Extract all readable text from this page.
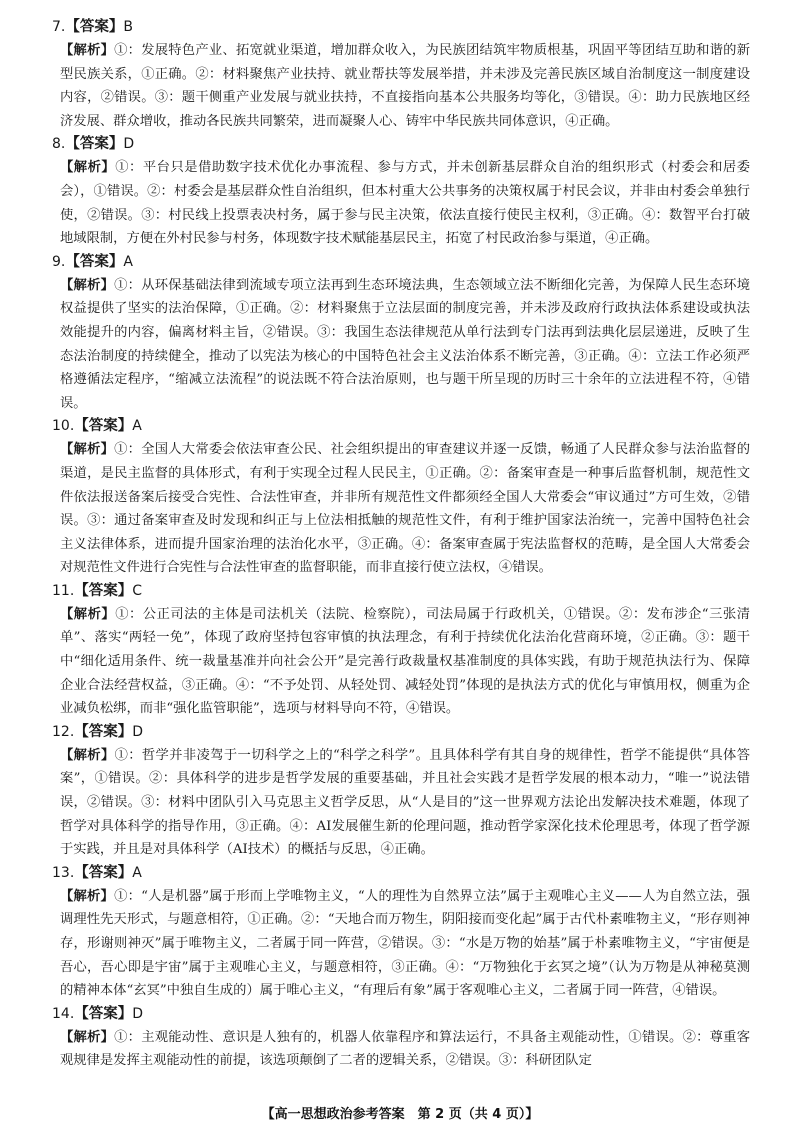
7.【答案】B

【解析】①：发展特色产业、拓宽就业渠道，增加群众收入，为民族团结筑牢物质根基，巩固平等团结互助和谐的新型民族关系，①正确。②：材料聚焦产业扶持、就业帮扶等发展举措，并未涉及完善民族区域自治制度这一制度建设内容，②错误。③：题干侧重产业发展与就业扶持，不直接指向基本公共服务均等化，③错误。④：助力民族地区经济发展、群众增收，推动各民族共同繁荣，进而凝聚人心、铸牢中华民族共同体意识，④正确。

8.【答案】D

【解析】①：平台只是借助数字技术优化办事流程、参与方式，并未创新基层群众自治的组织形式（村委会和居委会），①错误。②：村委会是基层群众性自治组织，但本村重大公共事务的决策权属于村民会议，并非由村委会单独行使，②错误。③：村民线上投票表决村务，属于参与民主决策，依法直接行使民主权利，③正确。④：数智平台打破地域限制，方便在外村民参与村务，体现数字技术赋能基层民主，拓宽了村民政治参与渠道，④正确。

9.【答案】A

【解析】①：从环保基础法律到流域专项立法再到生态环境法典，生态领域立法不断细化完善，为保障人民生态环境权益提供了坚实的法治保障，①正确。②：材料聚焦于立法层面的制度完善，并未涉及政府行政执法体系建设或执法效能提升的内容，偏离材料主旨，②错误。③：我国生态法律规范从单行法到专门法再到法典化层层递进，反映了生态法治制度的持续健全，推动了以宪法为核心的中国特色社会主义法治体系不断完善，③正确。④：立法工作必须严格遵循法定程序，“缩减立法流程”的说法既不符合法治原则，也与题干所呈现的历时三十余年的立法进程不符，④错误。

10.【答案】A

【解析】①：全国人大常委会依法审查公民、社会组织提出的审查建议并逐一反馈，畅通了人民群众参与法治监督的渠道，是民主监督的具体形式，有利于实现全过程人民民主，①正确。②：备案审查是一种事后监督机制，规范性文件依法报送备案后接受合宪性、合法性审查，并非所有规范性文件都须经全国人大常委会“审议通过”方可生效，②错误。③：通过备案审查及时发现和纠正与上位法相抵触的规范性文件，有利于维护国家法治统一，完善中国特色社会主义法律体系，进而提升国家治理的法治化水平，③正确。④：备案审查属于宪法监督权的范畴，是全国人大常委会对规范性文件进行合宪性与合法性审查的监督职能，而非直接行使立法权，④错误。

11.【答案】C

【解析】①：公正司法的主体是司法机关（法院、检察院），司法局属于行政机关，①错误。②：发布涉企“三张清单”、落实“两轻一免”，体现了政府坚持包容审慎的执法理念，有利于持续优化法治化营商环境，②正确。③：题干中“细化适用条件、统一裁量基准并向社会公开”是完善行政裁量权基准制度的具体实践，有助于规范执法行为、保障企业合法经营权益，③正确。④：“不予处罚、从轻处罚、减轻处罚”体现的是执法方式的优化与审慎用权，侧重为企业减负松绑，而非“强化监管职能”，选项与材料导向不符，④错误。

12.【答案】D

【解析】①：哲学并非凌驾于一切科学之上的“科学之科学”。且具体科学有其自身的规律性，哲学不能提供“具体答案”，①错误。②：具体科学的进步是哲学发展的重要基础，并且社会实践才是哲学发展的根本动力，“唯一”说法错误，②错误。③：材料中团队引入马克思主义哲学反思，从“人是目的”这一世界观方法论出发解决技术难题，体现了哲学对具体科学的指导作用，③正确。④：AI发展催生新的伦理问题，推动哲学家深化技术伦理思考，体现了哲学源于实践，并且是对具体科学（AI技术）的概括与反思，④正确。

13.【答案】A

【解析】①：“人是机器”属于形而上学唯物主义，“人的理性为自然界立法”属于主观唯心主义——人为自然立法，强调理性先天形式，与题意相符，①正确。②：“天地合而万物生，阴阳接而变化起”属于古代朴素唯物主义，“形存则神存，形谢则神灭”属于唯物主义，二者属于同一阵营，②错误。③：“水是万物的始基”属于朴素唯物主义，“宇宙便是吾心，吾心即是宇宙”属于主观唯心主义，与题意相符，③正确。④：“万物独化于玄冥之境”（认为万物是从神秘莫测的精神本体“玄冥”中独自生成的）属于唯心主义，“有理后有象”属于客观唯心主义，二者属于同一阵营，④错误。

14.【答案】D

【解析】①：主观能动性、意识是人独有的，机器人依靠程序和算法运行，不具备主观能动性，①错误。②：尊重客观规律是发挥主观能动性的前提，该选项颠倒了二者的逻辑关系，②错误。③：科研团队定

【高一思想政治参考答案　第 2 页（共 4 页）】
